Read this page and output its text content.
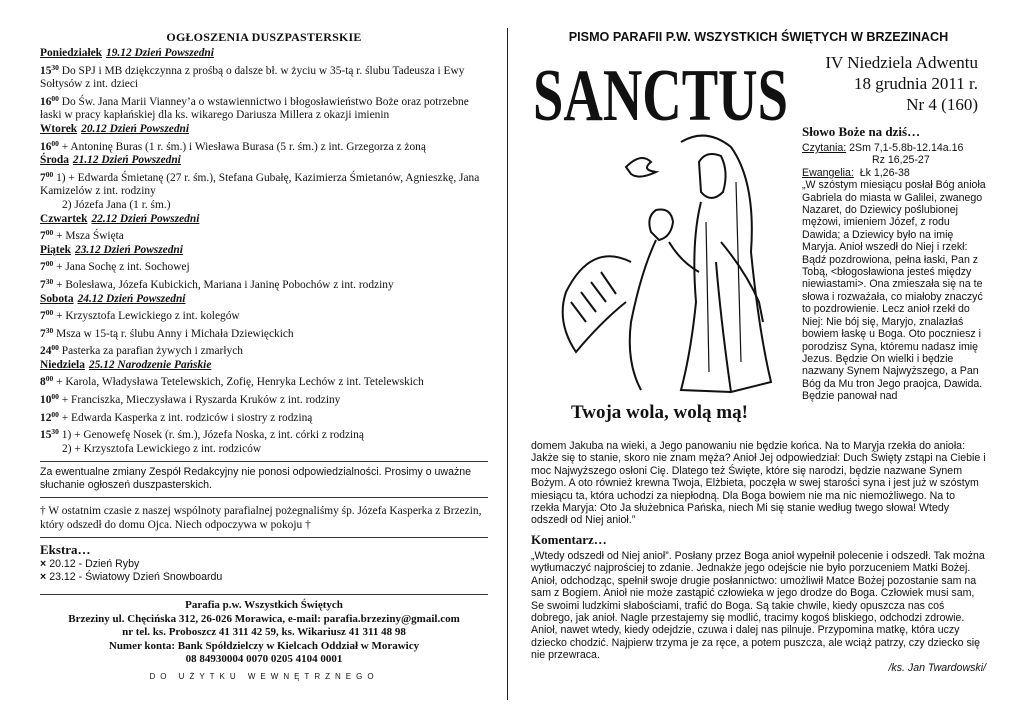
OGŁOSZENIA DUSZPASTERSKIE
Poniedziałek 19.12 Dzień Powszedni
$15^{30}$ Do SPJ i MB dziękczynna z prośbą o dalsze bł. w życiu w 35-tą r. ślubu Tadeusza i Ewy Sołtysów z int. dzieci
$16^{00}$ Do Św. Jana Marii Vianney’a o wstawiennictwo i błogosławieństwo Boże oraz potrzebne łaski w pracy kapłańskiej dla ks. wikarego Dariusza Millera z okazji imienin
Wtorek 20.12 Dzień Powszedni
$16^{00}$ + Antoninę Buras (1 r. śm.) i Wiesława Burasa (5 r. śm.) z int. Grzegorza z żoną
Środa 21.12 Dzień Powszedni
$7^{00}$ 1) + Edwarda Śmietanę (27 r. śm.), Stefana Gubałę, Kazimierza Śmietanów, Agnieszkę, Jana Kamizelów z int. rodziny
2) Józefa Jana (1 r. śm.)
Czwartek 22.12 Dzień Powszedni
$7^{00}$ + Msza Święta
Piątek 23.12 Dzień Powszedni
$7^{00}$ + Jana Sochę z int. Sochowej
$7^{30}$ + Bolesława, Józefa Kubickich, Mariana i Janinę Pobochów z int. rodziny
Sobota 24.12 Dzień Powszedni
$7^{00}$ + Krzysztofa Lewickiego z int. kolegów
$7^{30}$ Msza w 15-tą r. ślubu Anny i Michała Dziewięckich
$24^{00}$ Pasterka za parafian żywych i zmarłych
Niedziela 25.12 Narodzenie Pańskie
$8^{00}$ + Karola, Władysława Tetelewskich, Zofię, Henryka Lechów z int. Tetelewskich
$10^{00}$ + Franciszka, Mieczysława i Ryszarda Kruków z int. rodziny
$12^{00}$ + Edwarda Kasperka z int. rodziców i siostry z rodziną
$15^{30}$ 1) + Genowefę Nosek (r. śm.), Józefa Noska, z int. córki z rodziną
2) + Krzysztofa Lewickiego z int. rodziców
Za ewentualne zmiany Zespół Redakcyjny nie ponosi odpowiedzialności. Prosimy o uważne słuchanie ogłoszeń duszpasterskich.
† W ostatnim czasie z naszej wspólnoty parafialnej pożegnaliśmy śp. Józefa Kasperka z Brzezin, który odszedł do domu Ojca. Niech odpoczywa w pokoju †
Ekstra…
× 20.12 - Dzień Ryby
× 23.12 - Światowy Dzień Snowboardu
Parafia p.w. Wszystkich Świętych
Brzeziny ul. Chęcińska 312, 26-026 Morawica, e-mail: parafia.brzeziny@gmail.com
nr tel. ks. Proboszcz 41 311 42 59, ks. Wikariusz 41 311 48 98
Numer konta: Bank Spółdzielczy w Kielcach Oddział w Morawicy
08 84930004 0070 0205 4104 0001
DO UŻYTKU WEWNĘTRZNEGO
PISMO PARAFII P.W. WSZYSTKICH ŚWIĘTYCH W BRZEZINACH
SANCTUS IV Niedziela Adwentu
18 grudnia 2011 r.
Nr 4 (160)
Twoja wola, wolą mą!
Słowo Boże na dziś…
Czytania: 2Sm 7,1-5.8b-12.14a.16
Rz 16,25-27
Ewangelia: Łk 1,26-38
„W szóstym miesiącu posłał Bóg anioła Gabriela do miasta w Galilei, zwanego Nazaret, do Dziewicy poślubionej mężowi, imieniem Józef, z rodu Dawida; a Dziewicy było na imię Maryja. Anioł wszedł do Niej i rzekł: Bądź pozdrowiona, pełna łaski, Pan z Tobą, <błogosławiona jesteś między niewiastami>. Ona zmieszała się na te słowa i rozważała, co miałoby znaczyć to pozdrowienie. Lecz anioł rzekł do Niej: Nie bój się, Maryjo, znalazłaś bowiem łaskę u Boga. Oto poczniesz i porodzisz Syna, któremu nadasz imię Jezus. Będzie On wielki i będzie nazwany Synem Najwyższego, a Pan Bóg da Mu tron Jego praojca, Dawida. Będzie panował nad
domem Jakuba na wieki, a Jego panowaniu nie będzie końca. Na to Maryja rzekła do anioła: Jakże się to stanie, skoro nie znam męża? Anioł Jej odpowiedział: Duch Święty zstąpi na Ciebie i moc Najwyższego osłoni Cię. Dlatego też Święte, które się narodzi, będzie nazwane Synem Bożym. A oto również krewna Twoja, Elżbieta, poczęła w swej starości syna i jest już w szóstym miesiącu ta, która uchodzi za niepłodną. Dla Boga bowiem nie ma nic niemożliwego. Na to rzekła Maryja: Oto Ja służebnica Pańska, niech Mi się stanie według twego słowa! Wtedy odszedł od Niej anioł.”
Komentarz…
„Wtedy odszedł od Niej anioł”. Posłany przez Boga anioł wypełnił polecenie i odszedł. Tak można wytłumaczyć najprościej to zdanie. Jednakże jego odejście nie było porzuceniem Matki Bożej. Anioł, odchodząc, spełnił swoje drugie posłannictwo: umożliwił Matce Bożej pozostanie sam na sam z Bogiem. Anioł nie może zastąpić człowieka w jego drodze do Boga. Człowiek musi sam, Se swoimi ludzkimi słabościami, trafić do Boga. Są takie chwile, kiedy opuszcza nas coś dobrego, jak anioł. Nagle przestajemy się modlić, tracimy kogoś bliskiego, odchodzi zdrowie. Anioł, nawet wtedy, kiedy odejdzie, czuwa i dalej nas pilnuje. Przypomina matkę, która uczy dziecko chodzić. Najpierw trzyma je za ręce, a potem puszcza, ale wciąż patrzy, czy dziecko się nie przewraca.
/ks. Jan Twardowski/
